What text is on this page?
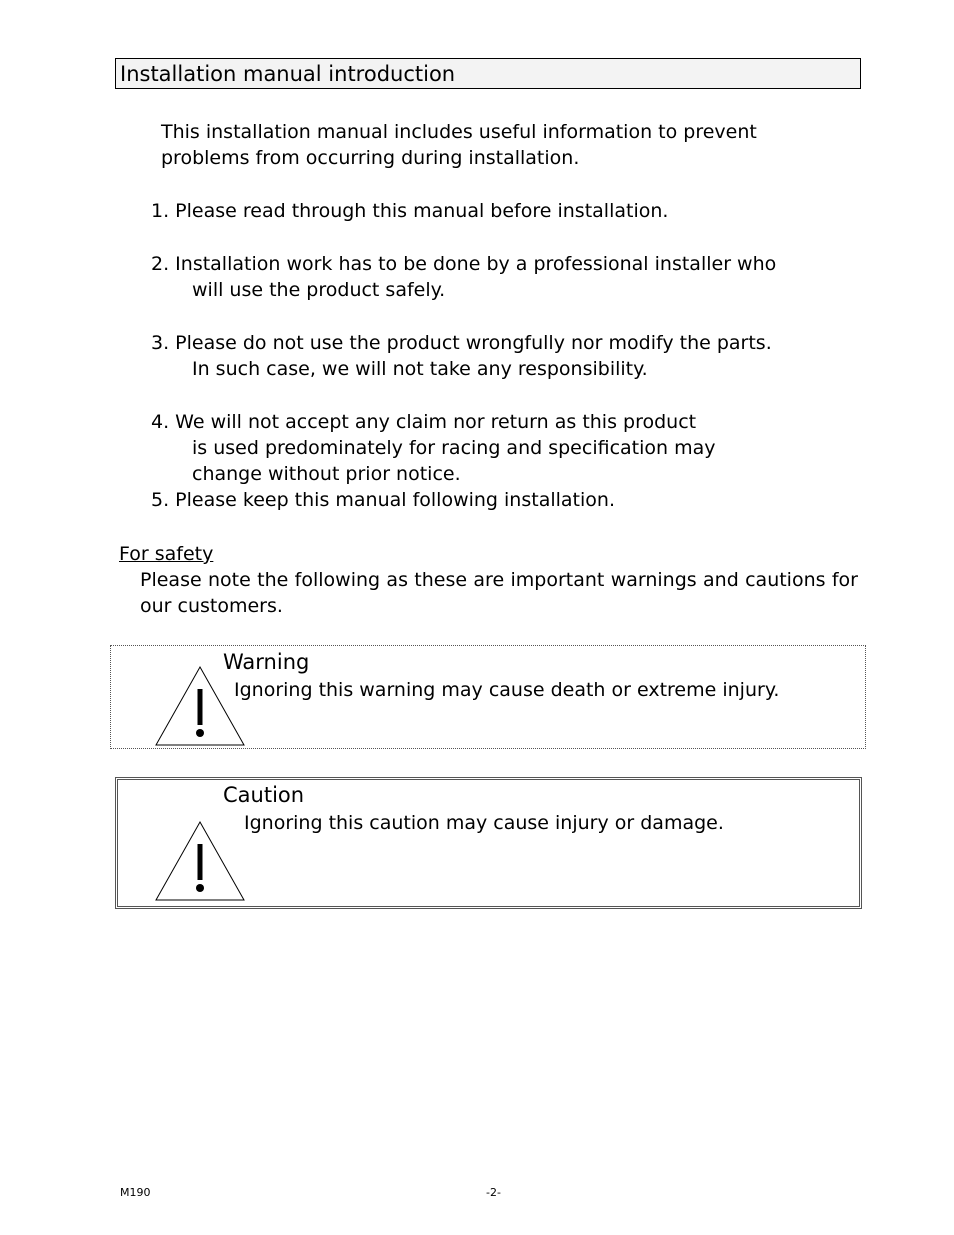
Installation manual introduction
This installation manual includes useful information to prevent
problems from occurring during installation.
1. Please read through this manual before installation.
2. Installation work has to be done by a professional installer who
will use the product safely.
3. Please do not use the product wrongfully nor modify the parts.
In such case, we will not take any responsibility.
4. We will not accept any claim nor return as this product
is used predominately for racing and specification may
change without prior notice.
5. Please keep this manual following installation.
For safety
Please note the following as these are important warnings and cautions for our customers.
Warning
Ignoring this warning may cause death or extreme injury.
Caution
Ignoring this caution may cause injury or damage.
M190	-2-
